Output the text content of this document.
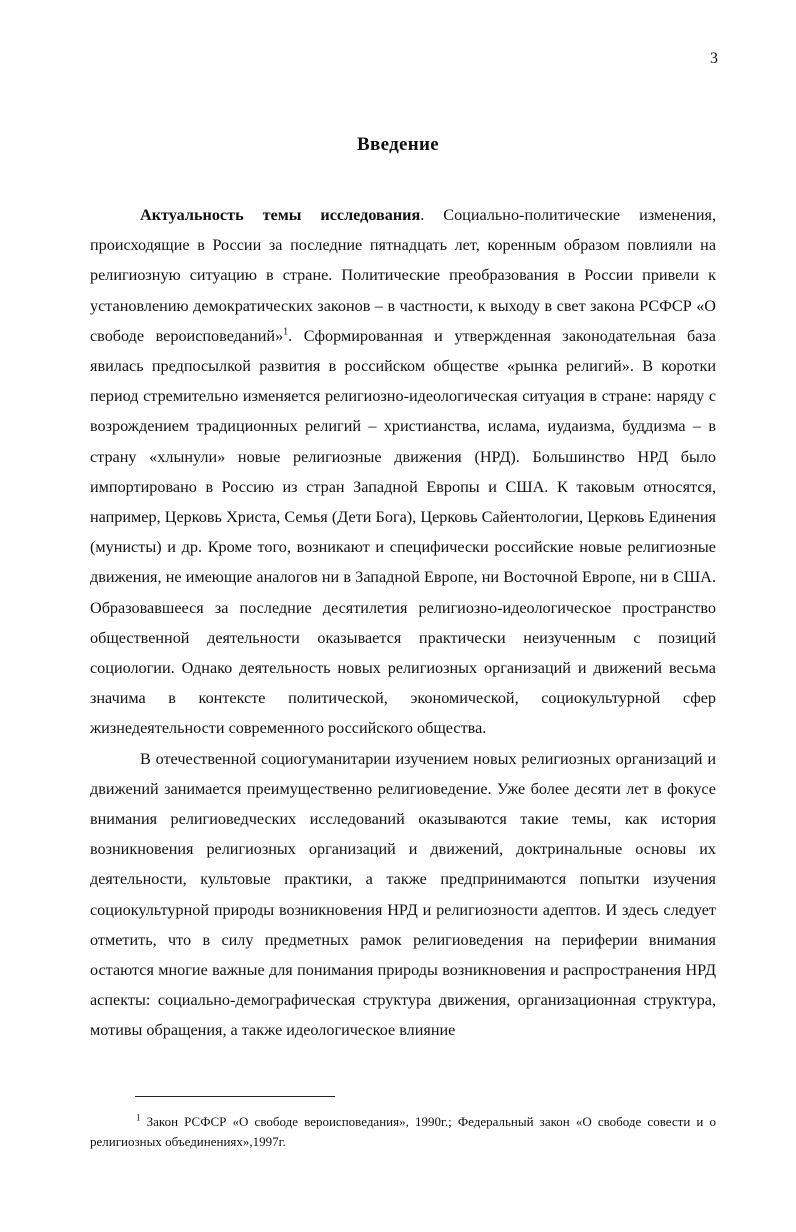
3
Введение

Актуальность темы исследования. Социально-политические изменения, происходящие в России за последние пятнадцать лет, коренным образом повлияли на религиозную ситуацию в стране. Политические преобразования в России привели к установлению демократических законов – в частности, к выходу в свет закона РСФСР «О свободе вероисповеданий»$^1$. Сформированная и утвержденная законодательная база явилась предпосылкой развития в российском обществе «рынка религий». В коротки период стремительно изменяется религиозно-идеологическая ситуация в стране: наряду с возрождением традиционных религий – христианства, ислама, иудаизма, буддизма – в страну «хлынули» новые религиозные движения (НРД). Большинство НРД было импортировано в Россию из стран Западной Европы и США. К таковым относятся, например, Церковь Христа, Семья (Дети Бога), Церковь Сайентологии, Церковь Единения (мунисты) и др. Кроме того, возникают и специфически российские новые религиозные движения, не имеющие аналогов ни в Западной Европе, ни Восточной Европе, ни в США. Образовавшееся за последние десятилетия религиозно-идеологическое пространство общественной деятельности оказывается практически неизученным с позиций социологии. Однако деятельность новых религиозных организаций и движений весьма значима в контексте политической, экономической, социокультурной сфер жизнедеятельности современного российского общества.

В отечественной социогуманитарии изучением новых религиозных организаций и движений занимается преимущественно религиоведение. Уже более десяти лет в фокусе внимания религиоведческих исследований оказываются такие темы, как история возникновения религиозных организаций и движений, доктринальные основы их деятельности, культовые практики, а также предпринимаются попытки изучения социокультурной природы возникновения НРД и религиозности адептов. И здесь следует отметить, что в силу предметных рамок религиоведения на периферии внимания остаются многие важные для понимания природы возникновения и распространения НРД аспекты: социально-демографическая структура движения, организационная структура, мотивы обращения, а также идеологическое влияние

$^1$ Закон РСФСР «О свободе вероисповедания», 1990г.; Федеральный закон «О свободе совести и о религиозных объединениях»,1997г.
